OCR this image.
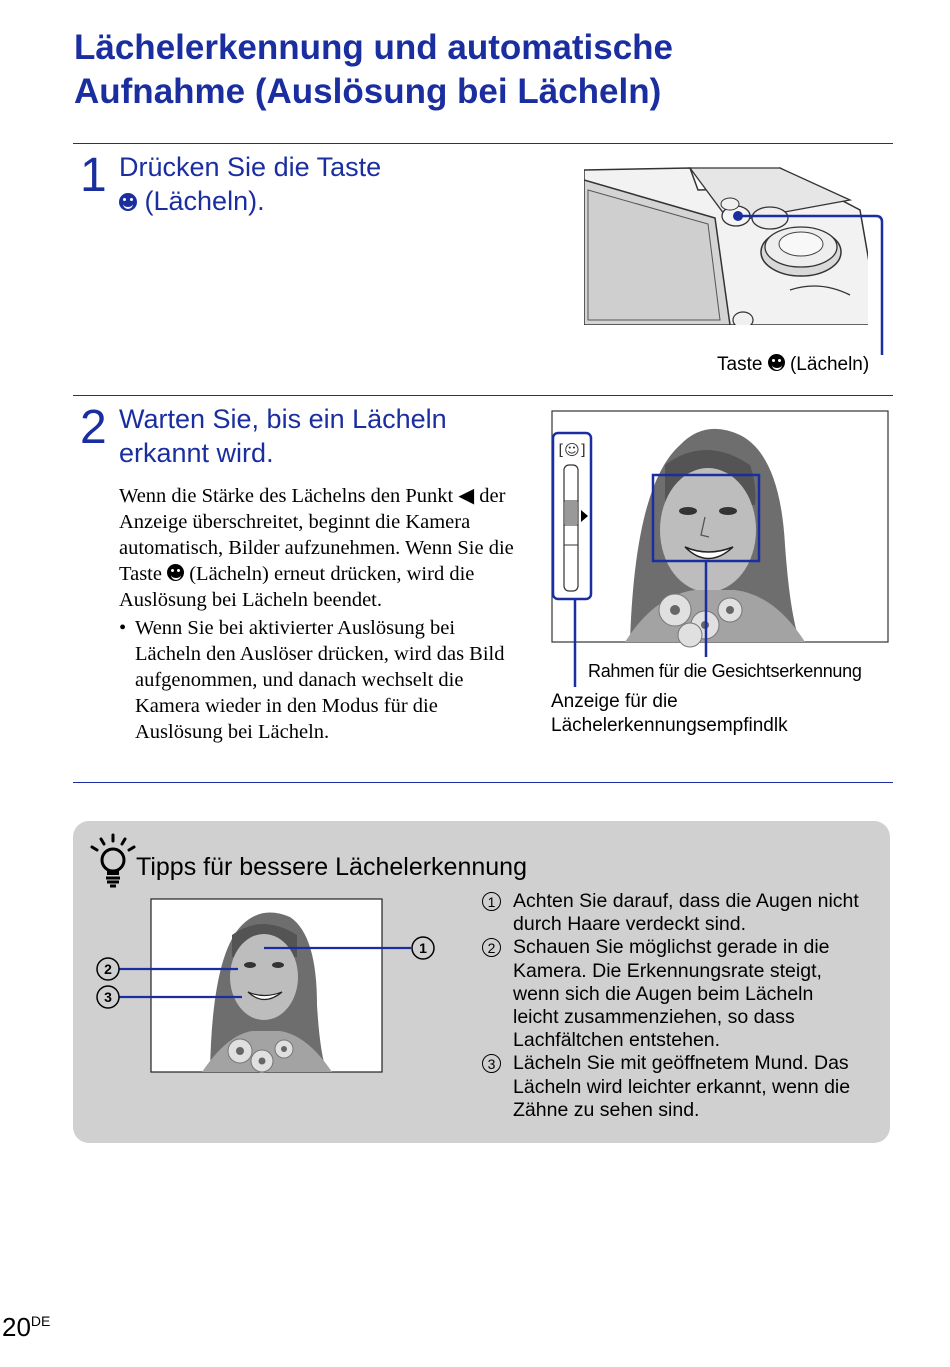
Lächelerkennung und automatische
Aufnahme (Auslösung bei Lächeln)
1 Drücken Sie die Taste

(Lächeln).
Taste (Lächeln)
2 Warten Sie, bis ein Lächeln
erkannt wird.

Wenn die Stärke des Lächelns den Punkt ◀ der Anzeige überschreitet, beginnt die Kamera automatisch, Bilder aufzunehmen. Wenn Sie die Taste (Lächeln) erneut drücken, wird die Auslösung bei Lächeln beendet.

• Wenn Sie bei aktivierter Auslösung bei Lächeln den Auslöser drücken, wird das Bild aufgenommen, und danach wechselt die Kamera wieder in den Modus für die Auslösung bei Lächeln.

[☺]
Rahmen für die Gesichtserkennung
Anzeige für die
Lächelerkennungsempfindlk
Tipps für bessere Lächelerkennung
1
2
3
1 Achten Sie darauf, dass die Augen nicht durch Haare verdeckt sind.
2 Schauen Sie möglichst gerade in die Kamera. Die Erkennungsrate steigt, wenn sich die Augen beim Lächeln leicht zusammenziehen, so dass Lachfältchen entstehen.
3 Lächeln Sie mit geöffnetem Mund. Das Lächeln wird leichter erkannt, wenn die Zähne zu sehen sind.
20DE
